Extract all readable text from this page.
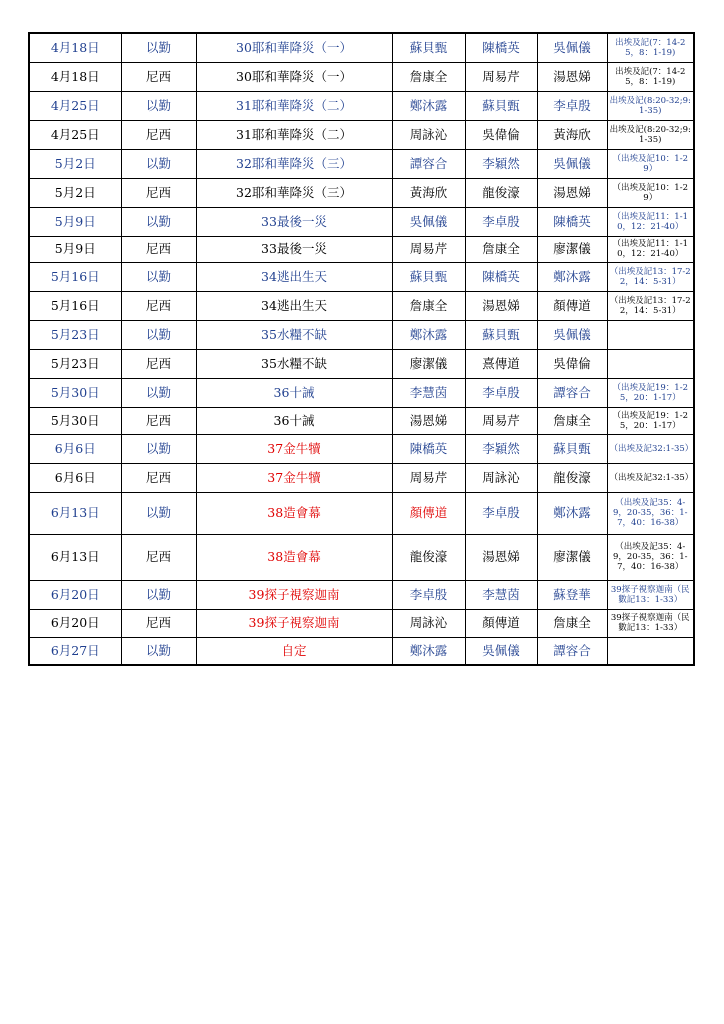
4月18日	以勤	30耶和華降災（一）	蘇貝甄	陳橋英	吳佩儀	出埃及記(7：14-25，8：1-19)
4月18日	尼西	30耶和華降災（一）	詹康全	周易芹	湯恩娣	出埃及記(7：14-25，8：1-19)
4月25日	以勤	31耶和華降災（二）	鄭沐露	蘇貝甄	李卓殷	出埃及記(8:20-32;9:1-35)
4月25日	尼西	31耶和華降災（二）	周詠沁	吳偉倫	黃海欣	出埃及記(8:20-32;9:1-35)
5月2日	以勤	32耶和華降災（三）	譚容合	李穎然	吳佩儀	（出埃及記10：1-29）
5月2日	尼西	32耶和華降災（三）	黃海欣	龍俊濠	湯恩娣	（出埃及記10：1-29）
5月9日	以勤	33最後一災	吳佩儀	李卓殷	陳橋英	（出埃及記11：1-10，12：21-40）
5月9日	尼西	33最後一災	周易芹	詹康全	廖潔儀	（出埃及記11：1-10，12：21-40）
5月16日	以勤	34逃出生天	蘇貝甄	陳橋英	鄭沐露	（出埃及記13：17-22，14：5-31）
5月16日	尼西	34逃出生天	詹康全	湯恩娣	顏傳道	（出埃及記13：17-22，14：5-31）
5月23日	以勤	35水糧不缺	鄭沐露	蘇貝甄	吳佩儀	
5月23日	尼西	35水糧不缺	廖潔儀	熹傳道	吳偉倫	
5月30日	以勤	36十誡	李慧茵	李卓殷	譚容合	（出埃及記19：1-25，20：1-17）
5月30日	尼西	36十誡	湯恩娣	周易芹	詹康全	（出埃及記19：1-25，20：1-17）
6月6日	以勤	37金牛犢	陳橋英	李穎然	蘇貝甄	（出埃及記32:1-35）
6月6日	尼西	37金牛犢	周易芹	周詠沁	龍俊濠	（出埃及記32:1-35）
6月13日	以勤	38造會幕	顏傳道	李卓殷	鄭沐露	（出埃及記35：4-9，20-35，36：1-7，40：16-38）
6月13日	尼西	38造會幕	龍俊濠	湯恩娣	廖潔儀	（出埃及記35：4-9，20-35，36：1-7，40：16-38）
6月20日	以勤	39探子視察迦南	李卓殷	李慧茵	蘇登華	39探子視察迦南（民數記13：1-33）
6月20日	尼西	39探子視察迦南	周詠沁	顏傳道	詹康全	39探子視察迦南（民數記13：1-33）
6月27日	以勤	自定	鄭沐露	吳佩儀	譚容合	
